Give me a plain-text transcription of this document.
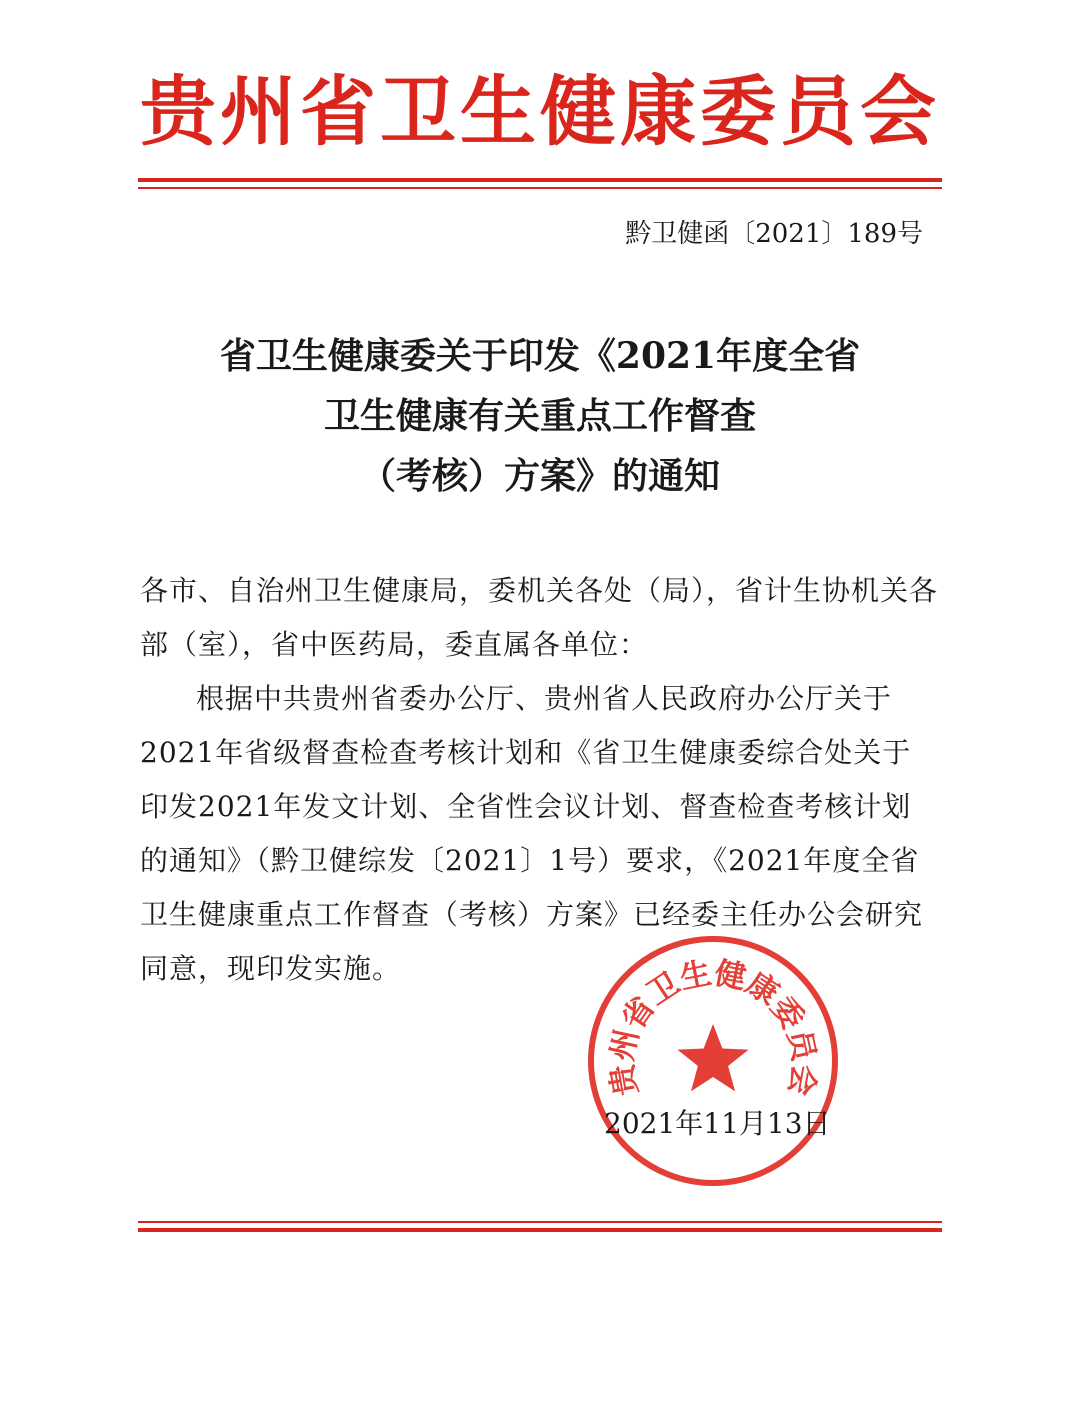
贵州省卫生健康委员会
黔卫健函〔2021〕189号
省卫生健康委关于印发《2021年度全省
卫生健康有关重点工作督查
（考核）方案》的通知

各市、自治州卫生健康局，委机关各处（局），省计生协机关各部（室），省中医药局，委直属各单位：

根据中共贵州省委办公厅、贵州省人民政府办公厅关于2021年省级督查检查考核计划和《省卫生健康委综合处关于印发2021年发文计划、全省性会议计划、督查检查考核计划的通知》（黔卫健综发〔2021〕1号）要求，《2021年度全省卫生健康重点工作督查（考核）方案》已经委主任办公会研究同意，现印发实施。

贵州省卫生健康委员会
2021年11月13日
